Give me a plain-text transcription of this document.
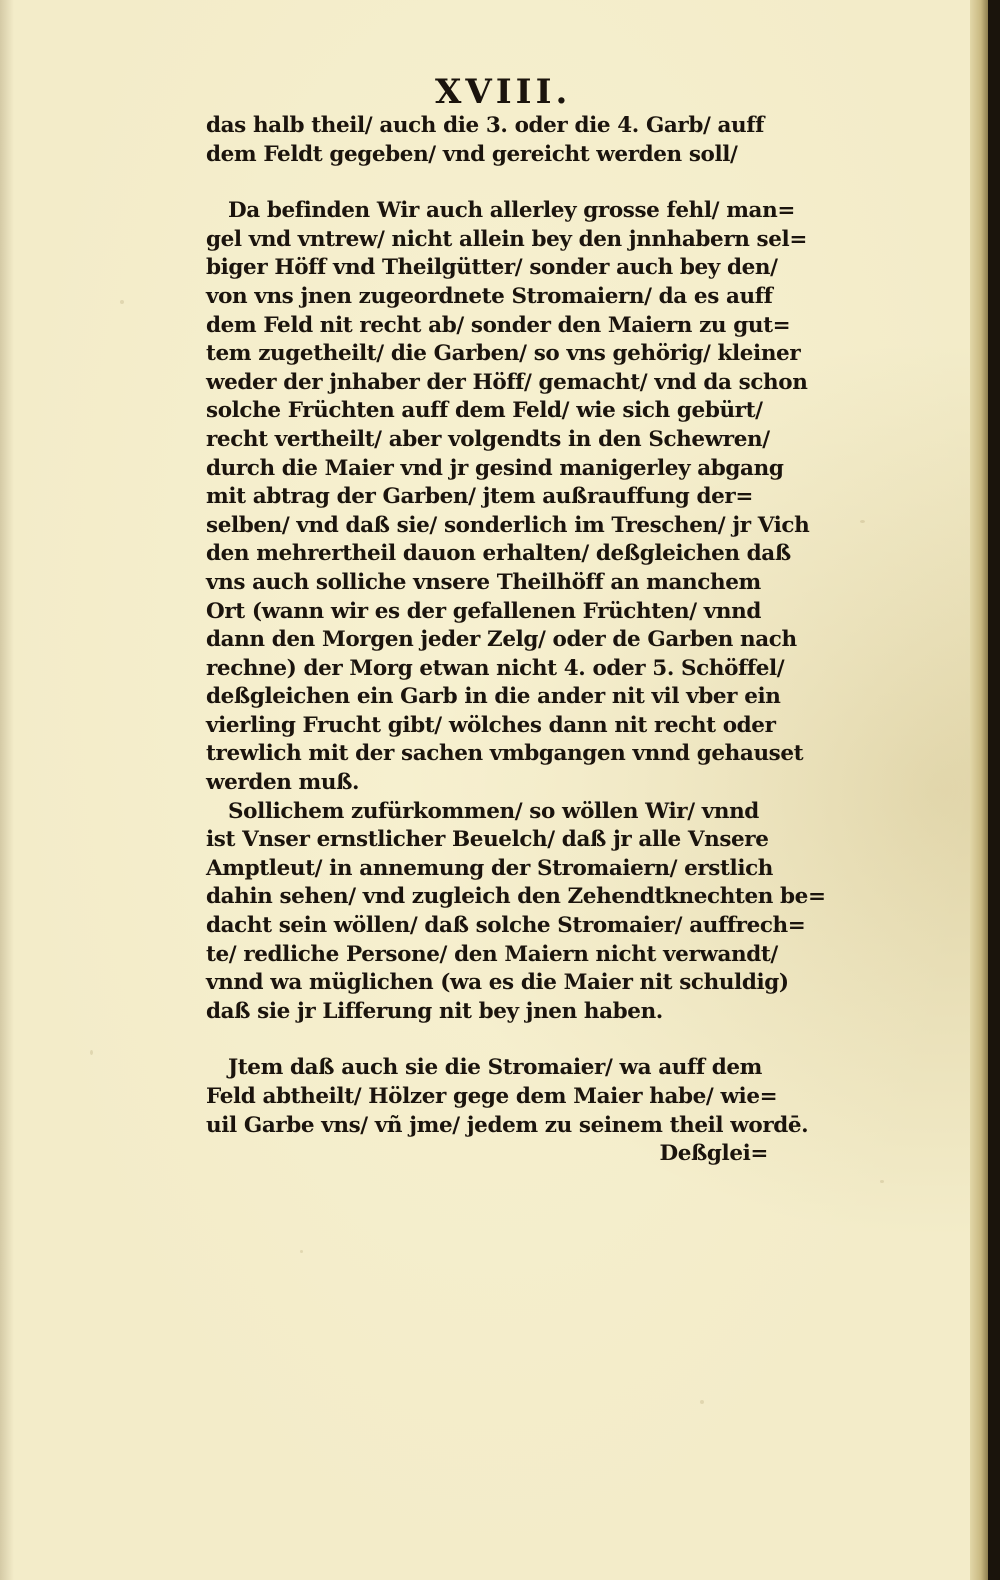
XVIII.
das halb theil/ auch die 3. oder die 4. Garb/ auff
dem Feldt gegeben/ vnd gereicht werden soll/
Da befinden Wir auch allerley grosse fehl/ man=
gel vnd vntrew/ nicht allein bey den jnnhabern sel=
biger Höff vnd Theilgütter/ sonder auch bey den/
von vns jnen zugeordnete Stromaiern/ da es auff
dem Feld nit recht ab/ sonder den Maiern zu gut=
tem zugetheilt/ die Garben/ so vns gehörig/ kleiner
weder der jnhaber der Höff/ gemacht/ vnd da schon
solche Früchten auff dem Feld/ wie sich gebürt/
recht vertheilt/ aber volgendts in den Schewren/
durch die Maier vnd jr gesind manigerley abgang
mit abtrag der Garben/ jtem außrauffung der=
selben/ vnd daß sie/ sonderlich im Treschen/ jr Vich
den mehrertheil dauon erhalten/ deßgleichen daß
vns auch solliche vnsere Theilhöff an manchem
Ort (wann wir es der gefallenen Früchten/ vnnd
dann den Morgen jeder Zelg/ oder de Garben nach
rechne) der Morg etwan nicht 4. oder 5. Schöffel/
deßgleichen ein Garb in die ander nit vil vber ein
vierling Frucht gibt/ wölches dann nit recht oder
trewlich mit der sachen vmbgangen vnnd gehauset
werden muß.
Sollichem zufürkommen/ so wöllen Wir/ vnnd
ist Vnser ernstlicher Beuelch/ daß jr alle Vnsere
Amptleut/ in annemung der Stromaiern/ erstlich
dahin sehen/ vnd zugleich den Zehendtknechten be=
dacht sein wöllen/ daß solche Stromaier/ auffrech=
te/ redliche Persone/ den Maiern nicht verwandt/
vnnd wa müglichen (wa es die Maier nit schuldig)
daß sie jr Lifferung nit bey jnen haben.
Jtem daß auch sie die Stromaier/ wa auff dem
Feld abtheilt/ Hölzer gege dem Maier habe/ wie=
uil Garbe vns/ vñ jme/ jedem zu seinem theil wordē.
Deßglei=
